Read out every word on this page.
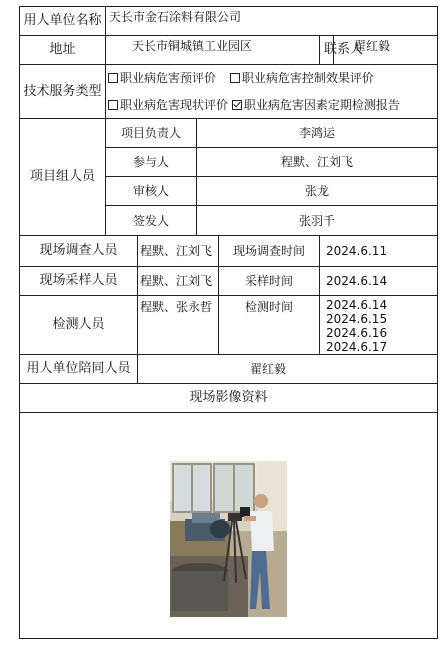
用人单位名称	天长市金石涂料有限公司					
地址	天长市铜城镇工业园区				联系人	翟红毅
技术服务类型	职业病危害预评价 职业病危害控制效果评价					
	职业病危害现状评价 职业病危害因素定期检测报告					
项目组人员	项目负责人		李鸿运			
	参与人		程默、江刘飞			
	审核人		张龙			
	签发人		张羽千			
现场调查人员		程默、江刘飞		现场调查时间	2024.6.11	
现场采样人员		程默、江刘飞		采样时间	2024.6.14	
检测人员		程默、张永哲		检测时间	2024.6.14
2024.6.15
2024.6.16
2024.6.17	

用人单位陪同人员		翟红毅				
现场影像资料						
